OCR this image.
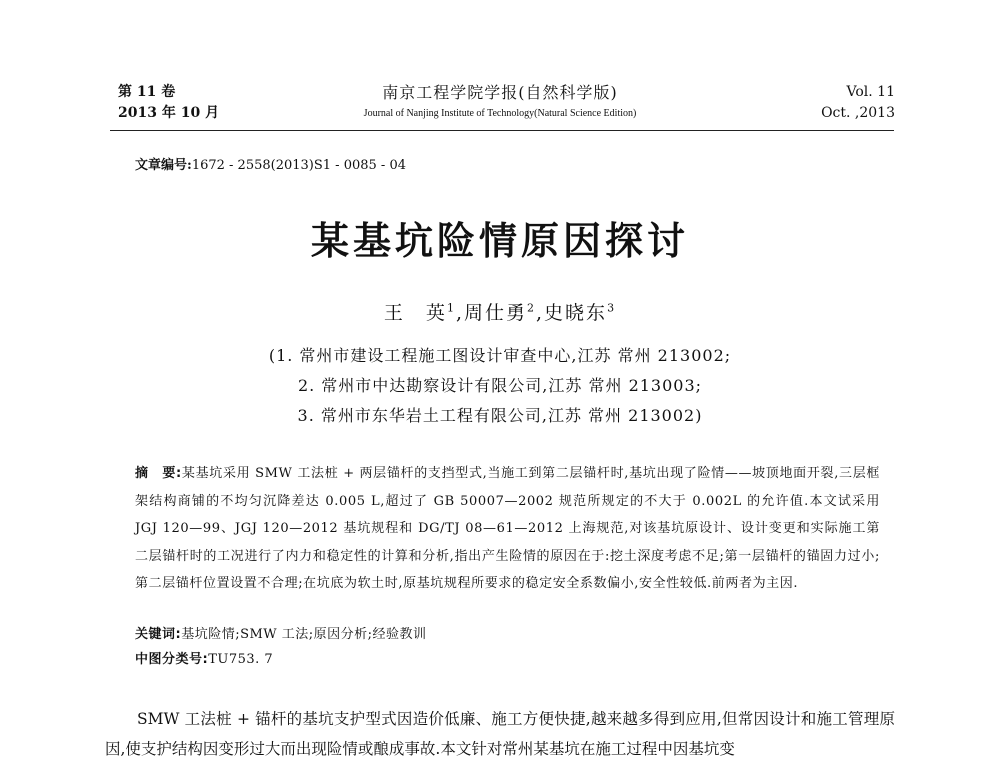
第 11 卷
2013 年 10 月
南京工程学院学报(自然科学版)
Journal of Nanjing Institute of Technology(Natural Science Edition)
Vol. 11
Oct. ,2013
文章编号:1672 - 2558(2013)S1 - 0085 - 04
某基坑险情原因探讨
王　英$^1$,周仕勇$^2$,史晓东$^3$
(1. 常州市建设工程施工图设计审查中心,江苏 常州 213002;
2. 常州市中达勘察设计有限公司,江苏 常州 213003;
3. 常州市东华岩土工程有限公司,江苏 常州 213002)
摘　要:某基坑采用 SMW 工法桩 + 两层锚杆的支挡型式,当施工到第二层锚杆时,基坑出现了险情——坡顶地面开裂,三层框架结构商铺的不均匀沉降差达 0.005 L,超过了 GB 50007—2002 规范所规定的不大于 0.002L 的允许值.本文试采用 JGJ 120—99、JGJ 120—2012 基坑规程和 DG/TJ 08—61—2012 上海规范,对该基坑原设计、设计变更和实际施工第二层锚杆时的工况进行了内力和稳定性的计算和分析,指出产生险情的原因在于:挖土深度考虑不足;第一层锚杆的锚固力过小;第二层锚杆位置设置不合理;在坑底为软土时,原基坑规程所要求的稳定安全系数偏小,安全性较低.前两者为主因.
关键词:基坑险情;SMW 工法;原因分析;经验教训
中图分类号:TU753. 7
SMW 工法桩 + 锚杆的基坑支护型式因造价低廉、施工方便快捷,越来越多得到应用,但常因设计和施工管理原因,使支护结构因变形过大而出现险情或酿成事故.本文针对常州某基坑在施工过程中因基坑变
